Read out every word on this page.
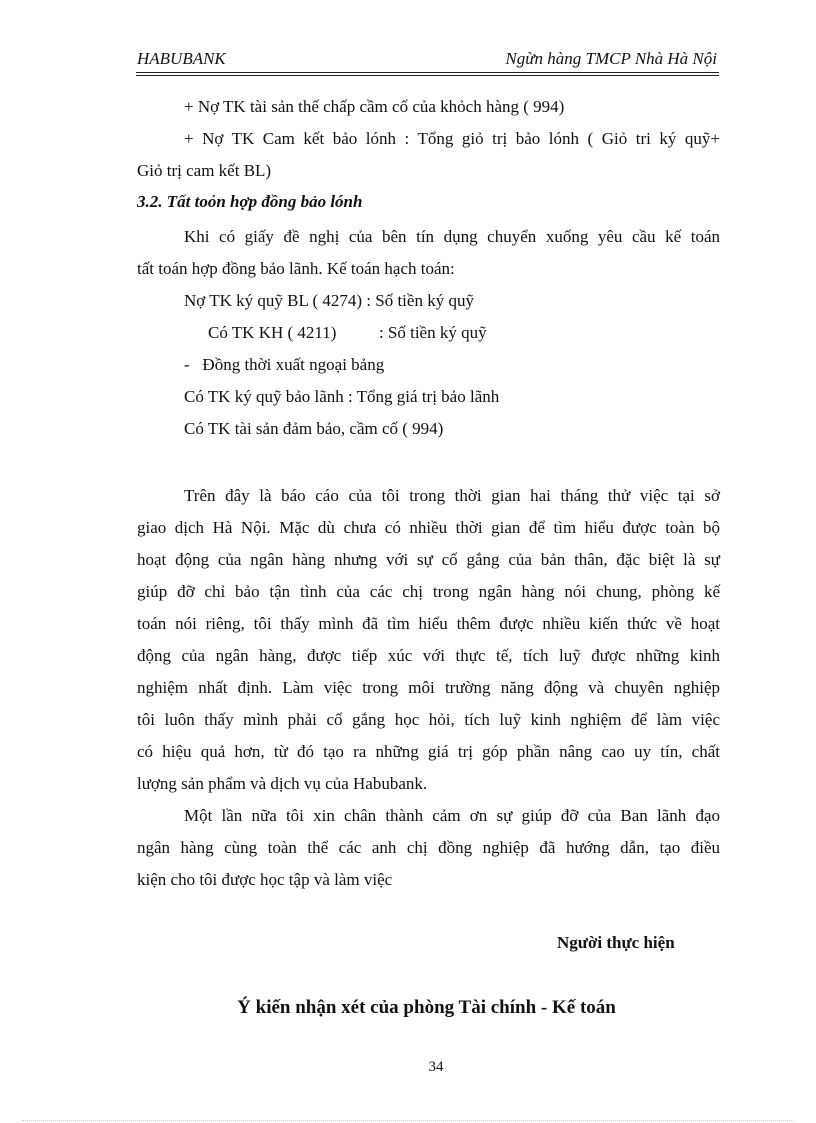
HABUBANK	Ngừn hàng TMCP Nhà Hà Nội
+ Nợ TK tài sản thế chấp cầm cố của khỏch hàng ( 994)
+ Nợ TK Cam kết bảo lónh : Tổng giỏ trị bảo lónh ( Giỏ tri ký quỹ+
Giỏ trị cam kết BL)
3.2. Tất toỏn hợp đồng bảo lónh
Khi có giấy đề nghị của bên tín dụng chuyển xuống yêu cầu kế toán
tất toán hợp đồng bảo lãnh. Kế toán hạch toán:
Nợ TK ký quỹ BL ( 4274) : Số tiền ký quỹ
Có TK KH ( 4211)          : Số tiền ký quỹ
-   Đồng thời xuất ngoại bảng
Có TK ký quỹ bảo lãnh : Tổng giá trị bảo lãnh
Có TK tài sản đảm bảo, cầm cố ( 994)
Trên đây là báo cáo của tôi trong thời gian hai tháng thử việc tại sở
giao dịch Hà Nội. Mặc dù chưa có nhiều thời gian để tìm hiểu được toàn bộ
hoạt động của ngân hàng nhưng với sự cố gắng của bản thân, đặc biệt là sự
giúp đỡ chỉ bảo tận tình của các chị trong ngân hàng nói chung, phòng kế
toán nói riêng, tôi thấy mình đã tìm hiểu thêm được nhiều kiến thức về hoạt
động của ngân hàng, được tiếp xúc với thực tế, tích luỹ được những kinh
nghiệm nhất định. Làm việc trong môi trường năng động và chuyên nghiệp
tôi luôn thấy mình phải cố gắng học hỏi, tích luỹ kinh nghiệm để làm việc
có hiệu quả hơn, từ đó tạo ra những giá trị góp phần nâng cao uy tín, chất
lượng sản phẩm và dịch vụ của Habubank.
Một lần nữa tôi xin chân thành cảm ơn sự giúp đỡ của Ban lãnh đạo
ngân hàng cùng toàn thể các anh chị đồng nghiệp đã hướng dẫn, tạo điều
kiện cho tôi được học tập và làm việc
Người thực hiện
Ý kiến nhận xét của phòng Tài chính - Kế toán
34
